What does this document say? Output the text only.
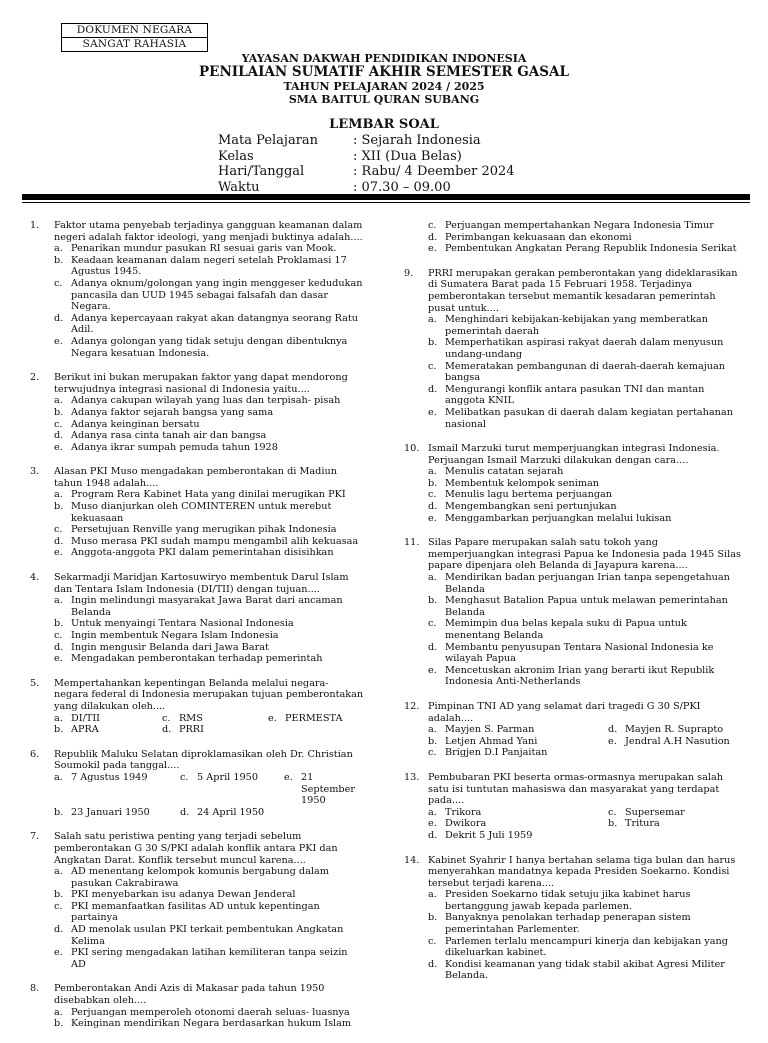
DOKUMEN NEGARA
SANGAT RAHASIA
YAYASAN DAKWAH PENDIDIKAN INDONESIA
PENILAIAN SUMATIF AKHIR SEMESTER GASAL
TAHUN PELAJARAN 2024 / 2025
SMA BAITUL QURAN SUBANG
LEMBAR SOAL
Mata Pelajaran	: Sejarah Indonesia
Kelas	: XII (Dua Belas)
Hari/Tanggal	: Rabu/ 4 Deember 2024
Waktu	: 07.30 – 09.00
1.	Faktor utama penyebab terjadinya gangguan keamanan dalam negeri adalah faktor ideologi, yang menjadi buktinya adalah....
a. Penarikan mundur pasukan RI sesuai garis van Mook.
b. Keadaan keamanan dalam negeri setelah Proklamasi 17 Agustus 1945.
c. Adanya oknum/golongan yang ingin menggeser kedudukan pancasila dan UUD 1945 sebagai falsafah dan dasar Negara.
d. Adanya kepercayaan rakyat akan datangnya seorang Ratu Adil.
e. Adanya golongan yang tidak setuju dengan dibentuknya Negara kesatuan Indonesia.
2.	Berikut ini bukan merupakan faktor yang dapat mendorong terwujudnya integrasi nasional di Indonesia yaitu....
a. Adanya cakupan wilayah yang luas dan terpisah- pisah
b. Adanya faktor sejarah bangsa yang sama
c. Adanya keinginan bersatu
d. Adanya rasa cinta tanah air dan bangsa
e. Adanya ikrar sumpah pemuda tahun 1928
3.	Alasan PKI Muso mengadakan pemberontakan di Madiun tahun 1948 adalah....
a. Program Rera Kabinet Hata yang dinilai merugikan PKI
b. Muso dianjurkan oleh COMINTEREN untuk merebut kekuasaan
c. Persetujuan Renville yang merugikan pihak Indonesia
d. Muso merasa PKI sudah mampu mengambil alih kekuasaa
e. Anggota-anggota PKI dalam pemerintahan disisihkan
4.	Sekarmadji Maridjan Kartosuwiryo membentuk Darul Islam dan Tentara Islam Indonesia (DI/TII) dengan tujuan....
a. Ingin melindungi masyarakat Jawa Barat dari ancaman Belanda
b. Untuk menyaingi Tentara Nasional Indonesia
c. Ingin membentuk Negara Islam Indonesia
d. Ingin mengusir Belanda dari Jawa Barat
e. Mengadakan pemberontakan terhadap pemerintah
5.	Mempertahankan kepentingan Belanda melalui negara- negara federal di Indonesia merupakan tujuan pemberontakan yang dilakukan oleh....
a. DI/TII	c. RMS	e. PERMESTA
b. APRA	d. PRRI
6.	Republik Maluku Selatan diproklamasikan oleh Dr. Christian Soumokil pada tanggal....
a. 7 Agustus 1949	c. 5 April 1950	e. 21 September 1950
b. 23 Januari 1950	d. 24 April 1950
7.	Salah satu peristiwa penting yang terjadi sebelum pemberontakan G 30 S/PKI adalah konflik antara PKI dan Angkatan Darat. Konflik tersebut muncul karena....
a. AD menentang kelompok komunis bergabung dalam pasukan Cakrabirawa
b. PKI menyebarkan isu adanya Dewan Jenderal
c. PKI memanfaatkan fasilitas AD untuk kepentingan partainya
d. AD menolak usulan PKI terkait pembentukan Angkatan Kelima
e. PKI sering mengadakan latihan kemiliteran tanpa seizin AD
8.	Pemberontakan Andi Azis di Makasar pada tahun 1950 disebabkan oleh....
a. Perjuangan memperoleh otonomi daerah seluas- luasnya
b. Keinginan mendirikan Negara berdasarkan hukum Islam
c. Perjuangan mempertahankan Negara Indonesia Timur
d. Perimbangan kekuasaan dan ekonomi
e. Pembentukan Angkatan Perang Republik Indonesia Serikat
9.	PRRI merupakan gerakan pemberontakan yang dideklarasikan di Sumatera Barat pada 15 Februari 1958. Terjadinya pemberontakan tersebut memantik kesadaran pemerintah pusat untuk....
a. Menghindari kebijakan-kebijakan yang memberatkan pemerintah daerah
b. Memperhatikan aspirasi rakyat daerah dalam menyusun undang-undang
c. Memeratakan pembangunan di daerah-daerah kemajuan bangsa
d. Mengurangi konflik antara pasukan TNI dan mantan anggota KNIL
e. Melibatkan pasukan di daerah dalam kegiatan pertahanan nasional
10. Ismail Marzuki turut memperjuangkan integrasi Indonesia. Perjuangan Ismail Marzuki dilakukan dengan cara....
a. Menulis catatan sejarah
b. Membentuk kelompok seniman
c. Menulis lagu bertema perjuangan
d. Mengembangkan seni pertunjukan
e. Menggambarkan perjuangkan melalui lukisan
11. Silas Papare merupakan salah satu tokoh yang memperjuangkan integrasi Papua ke Indonesia pada 1945 Silas papare dipenjara oleh Belanda di Jayapura karena....
a. Mendirikan badan perjuangan Irian tanpa sepengetahuan Belanda
b. Menghasut Batalion Papua untuk melawan pemerintahan Belanda
c. Memimpin dua belas kepala suku di Papua untuk menentang Belanda
d. Membantu penyusupan Tentara Nasional Indonesia ke wilayah Papua
e. Mencetuskan akronim Irian yang berarti ikut Republik Indonesia Anti-Netherlands
12. Pimpinan TNI AD yang selamat dari tragedi G 30 S/PKI adalah....
a. Mayjen S. Parman	d. Mayjen R. Suprapto
b. Letjen Ahmad Yani	e. Jendral A.H Nasution
c. Brigjen D.I Panjaitan
13. Pembubaran PKI beserta ormas-ormasnya merupakan salah satu isi tuntutan mahasiswa dan masyarakat yang terdapat pada....
a. Trikora	c. Supersemar
e. Dwikora	b. Tritura
d. Dekrit 5 Juli 1959
14. Kabinet Syahrir I hanya bertahan selama tiga bulan dan harus menyerahkan mandatnya kepada Presiden Soekarno. Kondisi tersebut terjadi karena....
a. Presiden Soekarno tidak setuju jika kabinet harus bertanggung jawab kepada parlemen.
b. Banyaknya penolakan terhadap penerapan sistem pemerintahan Parlementer.
c. Parlemen terlalu mencampuri kinerja dan kebijakan yang dikeluarkan kabinet.
d. Kondisi keamanan yang tidak stabil akibat Agresi Militer Belanda.
